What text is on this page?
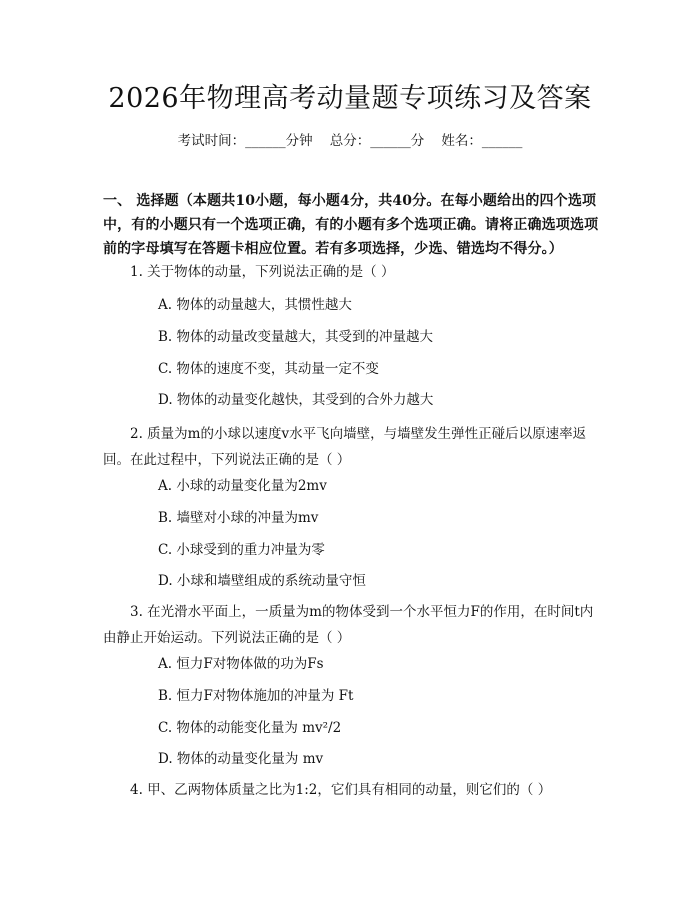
2026年物理高考动量题专项练习及答案
考试时间：______分钟    总分：______分    姓名：______
一、 选择题（本题共10小题，每小题4分，共40分。在每小题给出的四个选项中，有的小题只有一个选项正确，有的小题有多个选项正确。请将正确选项选项前的字母填写在答题卡相应位置。若有多项选择，少选、错选均不得分。）
1. 关于物体的动量，下列说法正确的是（ ）
A. 物体的动量越大，其惯性越大
B. 物体的动量改变量越大，其受到的冲量越大
C. 物体的速度不变，其动量一定不变
D. 物体的动量变化越快，其受到的合外力越大
2. 质量为m的小球以速度v水平飞向墙壁，与墙壁发生弹性正碰后以原速率返回。在此过程中，下列说法正确的是（ ）
A. 小球的动量变化量为2mv
B. 墙壁对小球的冲量为mv
C. 小球受到的重力冲量为零
D. 小球和墙壁组成的系统动量守恒
3. 在光滑水平面上，一质量为m的物体受到一个水平恒力F的作用，在时间t内由静止开始运动。下列说法正确的是（ ）
A. 恒力F对物体做的功为Fs
B. 恒力F对物体施加的冲量为 Ft
C. 物体的动能变化量为 mv²/2
D. 物体的动量变化量为 mv
4. 甲、乙两物体质量之比为1:2，它们具有相同的动量，则它们的（ ）
